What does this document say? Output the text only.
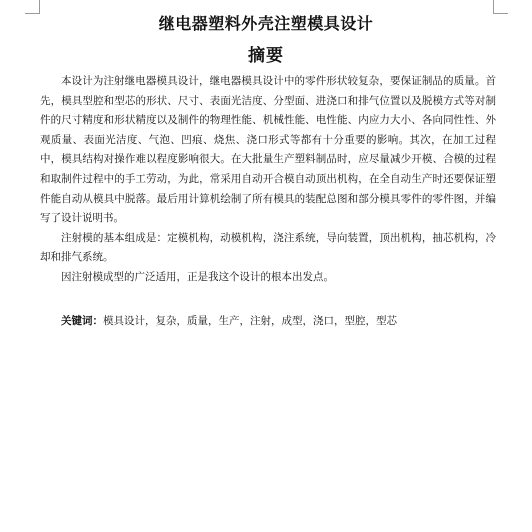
继电器塑料外壳注塑模具设计
摘要

本设计为注射继电器模具设计，继电器模具设计中的零件形状较复杂，要保证制品的质量。首先，模具型腔和型芯的形状、尺寸、表面光洁度、分型面、进浇口和排气位置以及脱模方式等对制件的尺寸精度和形状精度以及制件的物理性能、机械性能、电性能、内应力大小、各向同性性、外观质量、表面光洁度、气泡、凹痕、烧焦、浇口形式等都有十分重要的影响。其次，在加工过程中，模具结构对操作难以程度影响很大。在大批量生产塑料制品时，应尽量减少开模、合模的过程和取制件过程中的手工劳动，为此，常采用自动开合模自动顶出机构，在全自动生产时还要保证塑件能自动从模具中脱落。最后用计算机绘制了所有模具的装配总图和部分模具零件的零件图，并编写了设计说明书。

注射模的基本组成是：定模机构，动模机构，浇注系统，导向装置，顶出机构，抽芯机构，冷却和排气系统。

因注射模成型的广泛适用，正是我这个设计的根本出发点。

关键词：模具设计，复杂，质量，生产，注射，成型，浇口，型腔，型芯
